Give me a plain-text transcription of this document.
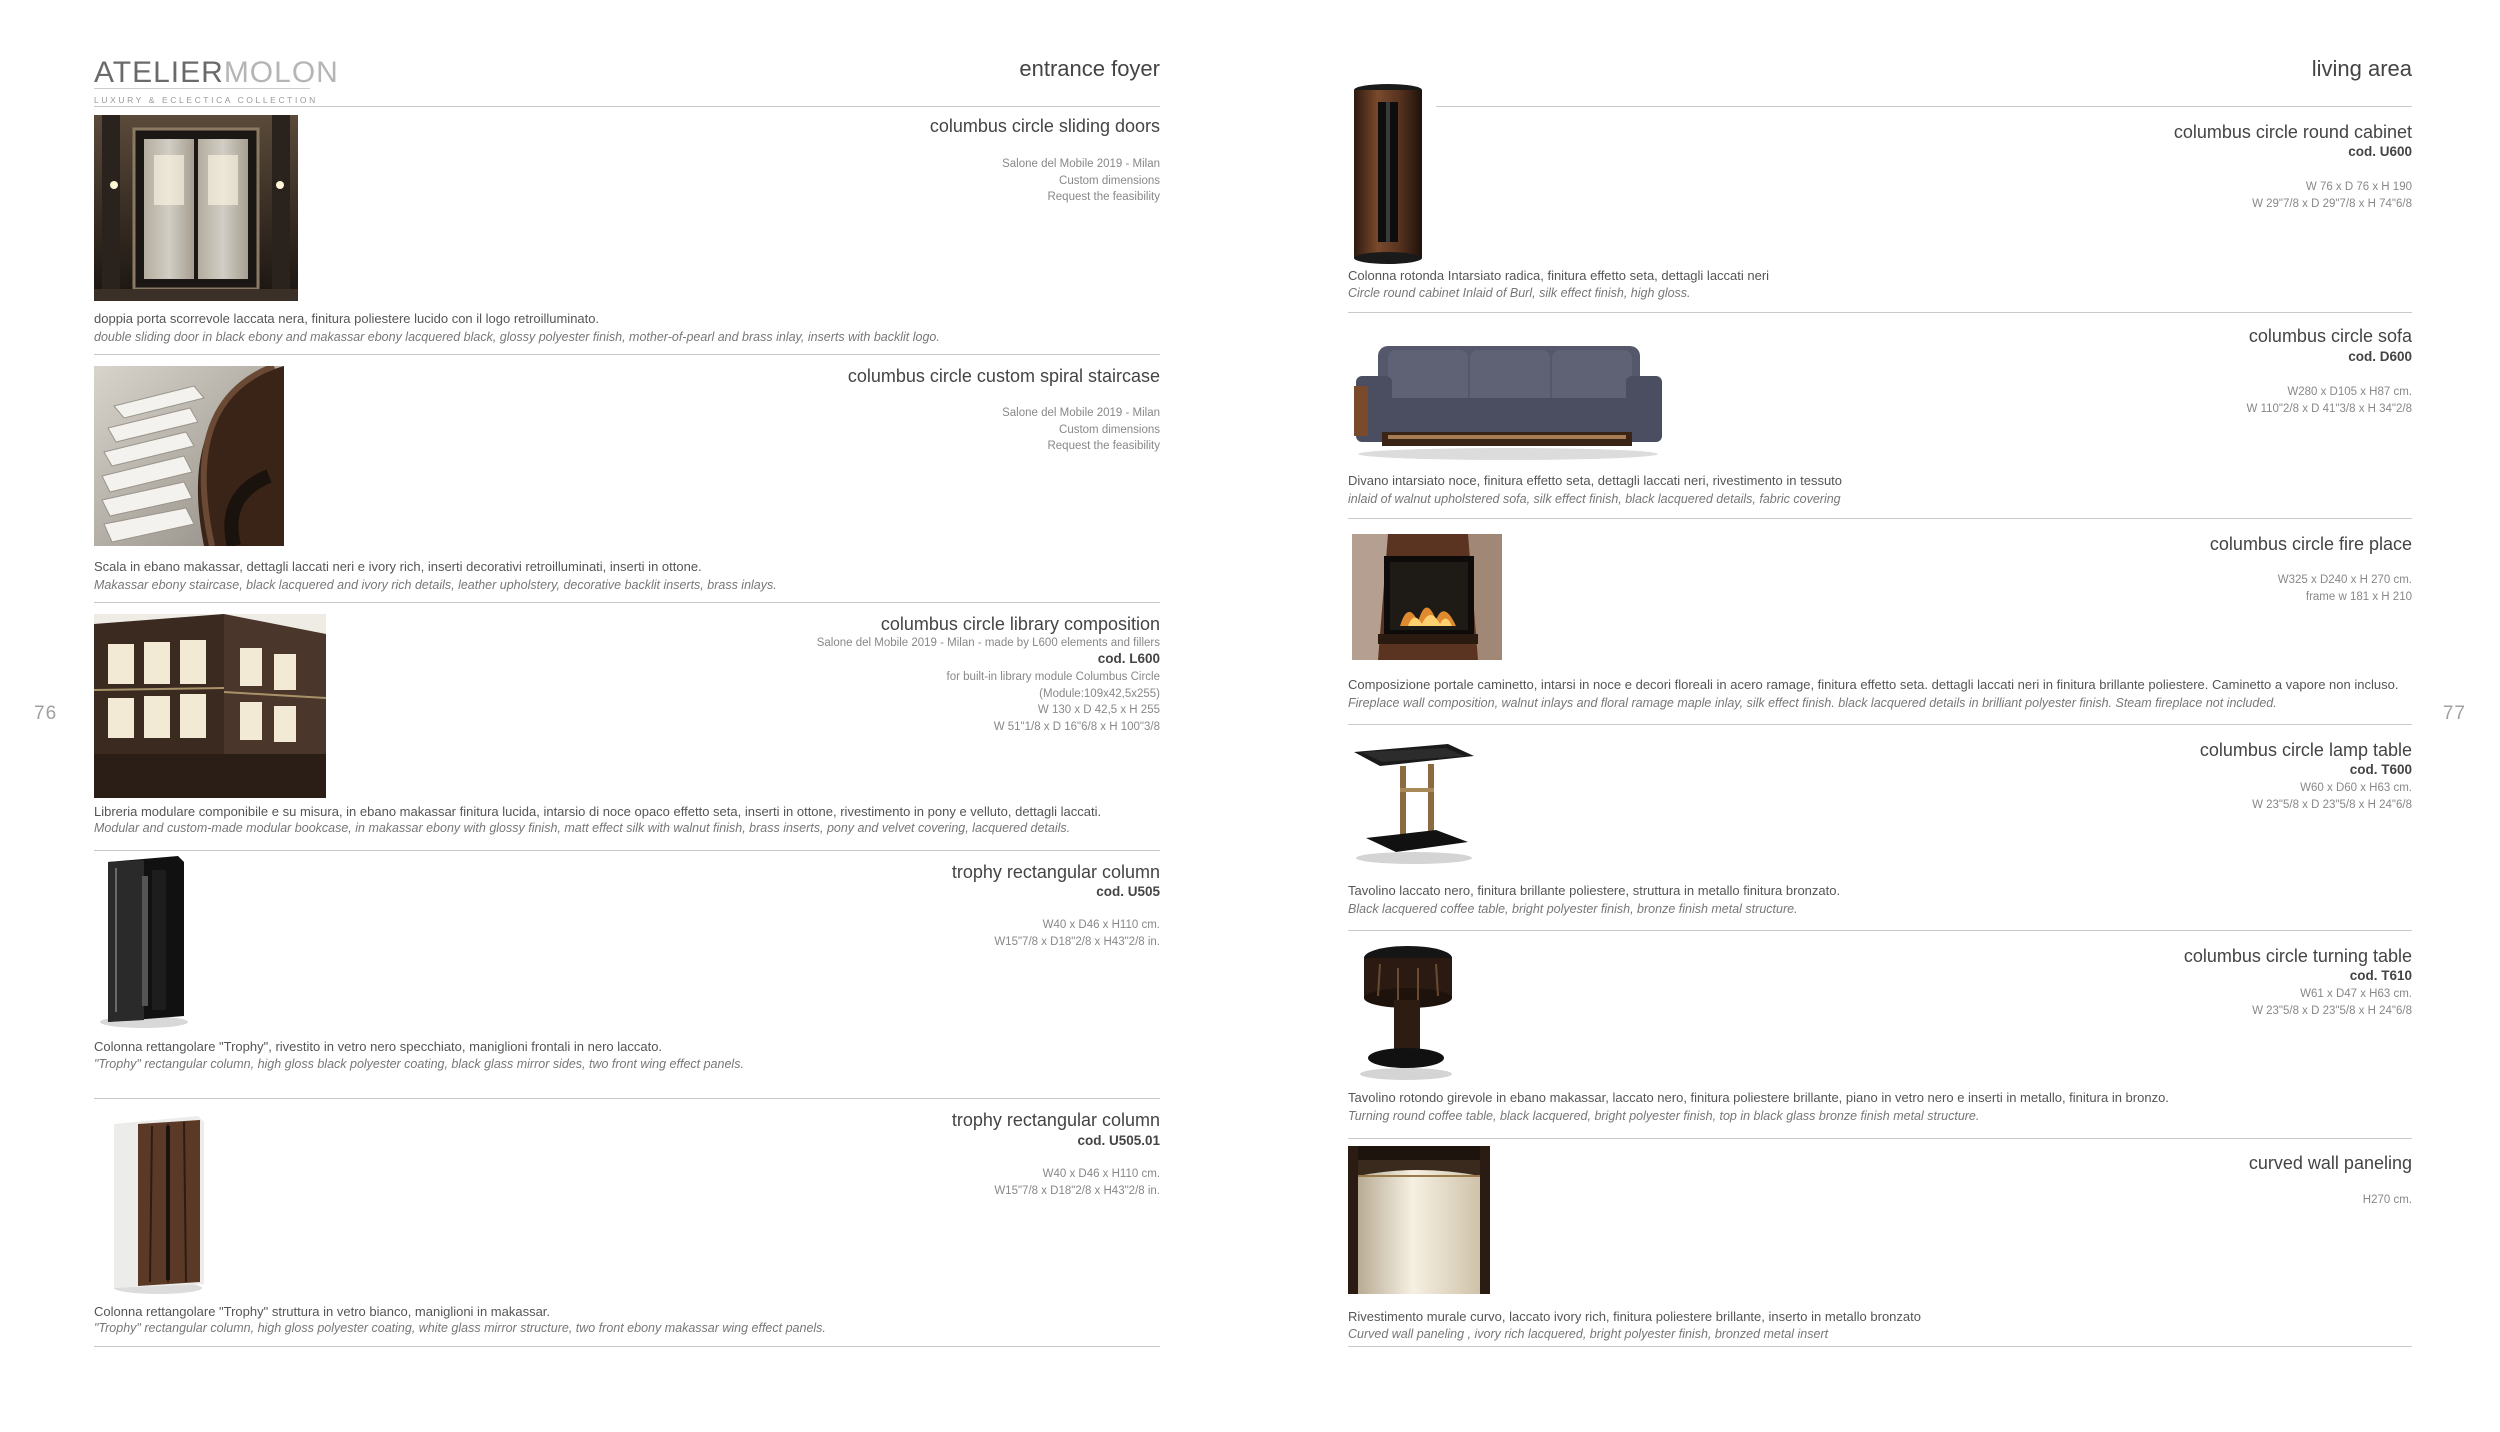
76	77
ATELIERMOLON
LUXURY & ECLECTICA COLLECTION
entrance foyer	living area
columbus circle sliding doors
Salone del Mobile 2019 - Milan
Custom dimensions
Request the feasibility
doppia porta scorrevole laccata nera, finitura poliestere lucido con il logo retroilluminato.
double sliding door in black ebony and makassar ebony lacquered black, glossy polyester finish, mother-of-pearl and brass inlay, inserts with backlit logo.
columbus circle custom spiral staircase
Salone del Mobile 2019 - Milan
Custom dimensions
Request the feasibility
Scala in ebano makassar, dettagli laccati neri e ivory rich, inserti decorativi retroilluminati, inserti in ottone.
Makassar ebony staircase, black lacquered and ivory rich details, leather upholstery, decorative backlit inserts, brass inlays.
columbus circle library composition
Salone del Mobile 2019 - Milan - made by L600 elements and fillers
cod. L600
for built-in library module Columbus Circle
(Module:109x42,5x255)
W 130 x D 42,5 x H 255
W 51"1/8 x D 16"6/8 x H 100"3/8
Libreria modulare componibile e su misura, in ebano makassar finitura lucida, intarsio di noce opaco effetto seta, inserti in ottone, rivestimento in pony e velluto, dettagli laccati.
Modular and custom-made modular bookcase, in makassar ebony with glossy finish, matt effect silk with walnut finish, brass inserts, pony and velvet covering, lacquered details.
trophy rectangular column
cod. U505
W40 x D46 x H110 cm.
W15"7/8 x D18"2/8 x H43"2/8 in.
Colonna rettangolare "Trophy", rivestito in vetro nero specchiato, maniglioni frontali in nero laccato.
"Trophy" rectangular column, high gloss black polyester coating, black glass mirror sides, two front wing effect panels.
trophy rectangular column
cod. U505.01
W40 x D46 x H110 cm.
W15"7/8 x D18"2/8 x H43"2/8 in.
Colonna rettangolare "Trophy" struttura in vetro bianco, maniglioni in makassar.
"Trophy" rectangular column, high gloss polyester coating, white glass mirror structure, two front ebony makassar wing effect panels.
columbus circle round cabinet
cod. U600
W 76 x D 76 x H 190
W 29"7/8 x D 29"7/8 x H 74"6/8
Colonna rotonda Intarsiato radica, finitura effetto seta, dettagli laccati neri
Circle round cabinet Inlaid of Burl, silk effect finish, high gloss.
columbus circle sofa
cod. D600
W280 x D105 x H87 cm.
W 110"2/8 x D 41"3/8 x H 34"2/8
Divano intarsiato noce, finitura effetto seta, dettagli laccati neri, rivestimento in tessuto
inlaid of walnut upholstered sofa, silk effect finish, black lacquered details, fabric covering
columbus circle fire place
W325 x D240 x H 270 cm.
frame w 181 x H 210
Composizione portale caminetto, intarsi in noce e decori floreali in acero ramage, finitura effetto seta. dettagli laccati neri in finitura brillante poliestere. Caminetto a vapore non incluso.
Fireplace wall composition, walnut inlays and floral ramage maple inlay, silk effect finish. black lacquered details in brilliant polyester finish. Steam fireplace not included.
columbus circle lamp table
cod. T600
W60 x D60 x H63 cm.
W 23"5/8 x D 23"5/8 x H 24"6/8
Tavolino laccato nero, finitura brillante poliestere, struttura in metallo finitura bronzato.
Black lacquered coffee table, bright polyester finish, bronze finish metal structure.
columbus circle turning table
cod. T610
W61 x D47 x H63 cm.
W 23"5/8 x D 23"5/8 x H 24"6/8
Tavolino rotondo girevole in ebano makassar, laccato nero, finitura poliestere brillante, piano in vetro nero e inserti in metallo, finitura in bronzo.
Turning round coffee table, black lacquered, bright polyester finish, top in black glass bronze finish metal structure.
curved wall paneling
H270 cm.
Rivestimento murale curvo, laccato ivory rich, finitura poliestere brillante, inserto in metallo bronzato
Curved wall paneling , ivory rich lacquered, bright polyester finish, bronzed metal insert
